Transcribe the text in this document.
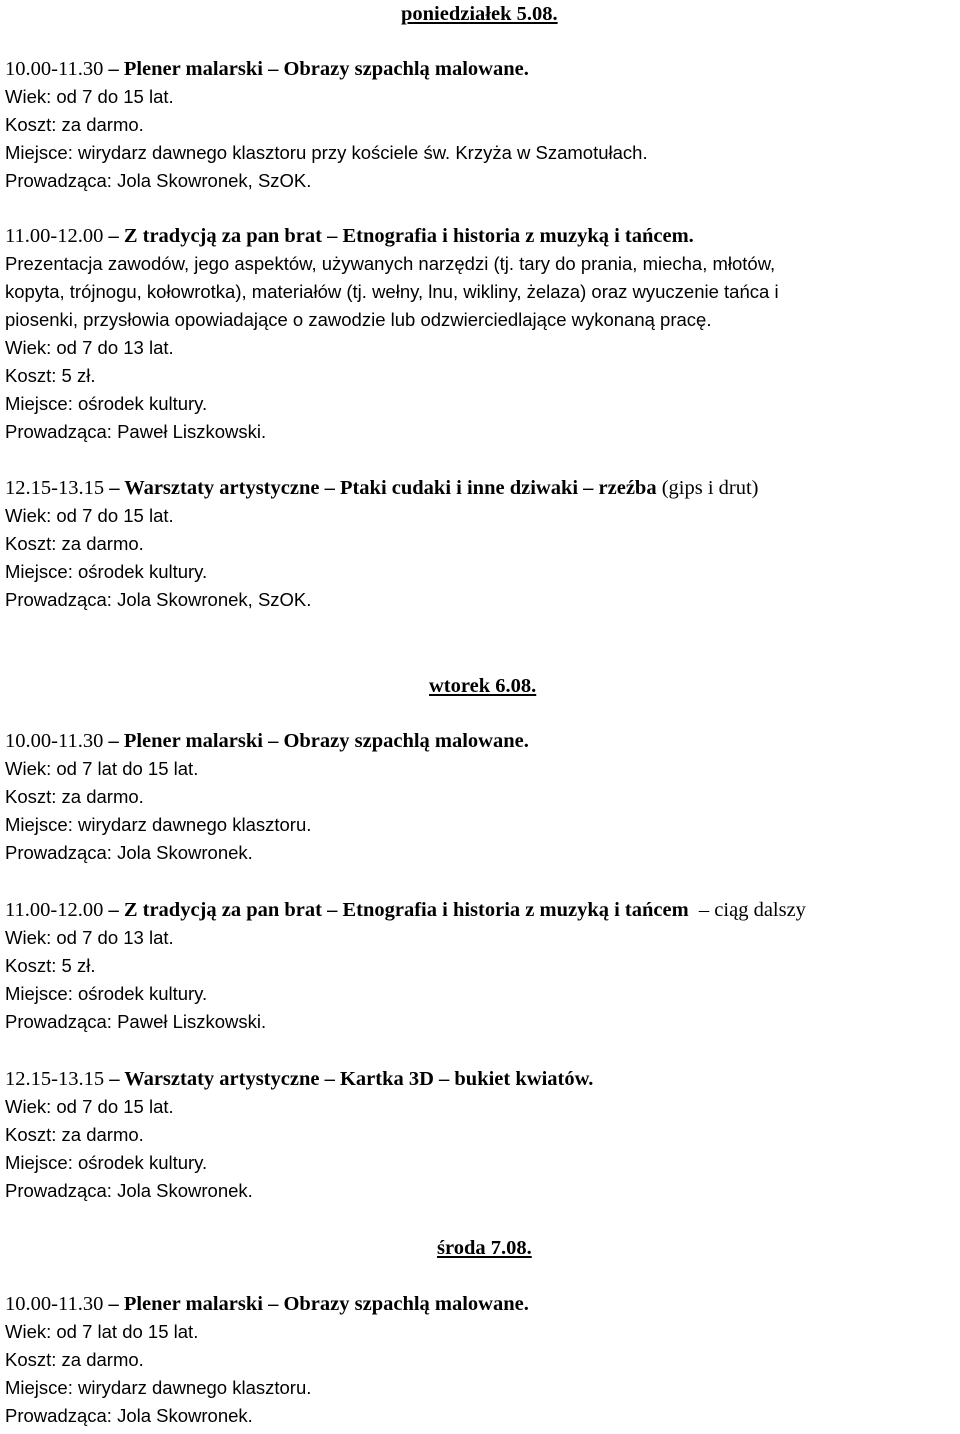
poniedziałek 5.08.
10.00-11.30 – Plener malarski – Obrazy szpachlą malowane.
Wiek: od 7 do 15 lat.
Koszt: za darmo.
Miejsce: wirydarz dawnego klasztoru przy kościele św. Krzyża w Szamotułach.
Prowadząca: Jola Skowronek, SzOK.
11.00-12.00 – Z tradycją za pan brat – Etnografia i historia z muzyką i tańcem.
Prezentacja zawodów, jego aspektów, używanych narzędzi (tj. tary do prania, miecha, młotów,
kopyta, trójnogu, kołowrotka), materiałów (tj. wełny, lnu, wikliny, żelaza) oraz wyuczenie tańca i
piosenki, przysłowia opowiadające o zawodzie lub odzwierciedlające wykonaną pracę.
Wiek: od 7 do 13 lat.
Koszt: 5 zł.
Miejsce: ośrodek kultury.
Prowadząca: Paweł Liszkowski.
12.15-13.15 – Warsztaty artystyczne – Ptaki cudaki i inne dziwaki – rzeźba (gips i drut)
Wiek: od 7 do 15 lat.
Koszt: za darmo.
Miejsce: ośrodek kultury.
Prowadząca: Jola Skowronek, SzOK.
wtorek 6.08.
10.00-11.30 – Plener malarski – Obrazy szpachlą malowane.
Wiek: od 7 lat do 15 lat.
Koszt: za darmo.
Miejsce: wirydarz dawnego klasztoru.
Prowadząca: Jola Skowronek.
11.00-12.00 – Z tradycją za pan brat – Etnografia i historia z muzyką i tańcem  – ciąg dalszy
Wiek: od 7 do 13 lat.
Koszt: 5 zł.
Miejsce: ośrodek kultury.
Prowadząca: Paweł Liszkowski.
12.15-13.15 – Warsztaty artystyczne – Kartka 3D – bukiet kwiatów.
Wiek: od 7 do 15 lat.
Koszt: za darmo.
Miejsce: ośrodek kultury.
Prowadząca: Jola Skowronek.
środa 7.08.
10.00-11.30 – Plener malarski – Obrazy szpachlą malowane.
Wiek: od 7 lat do 15 lat.
Koszt: za darmo.
Miejsce: wirydarz dawnego klasztoru.
Prowadząca: Jola Skowronek.
